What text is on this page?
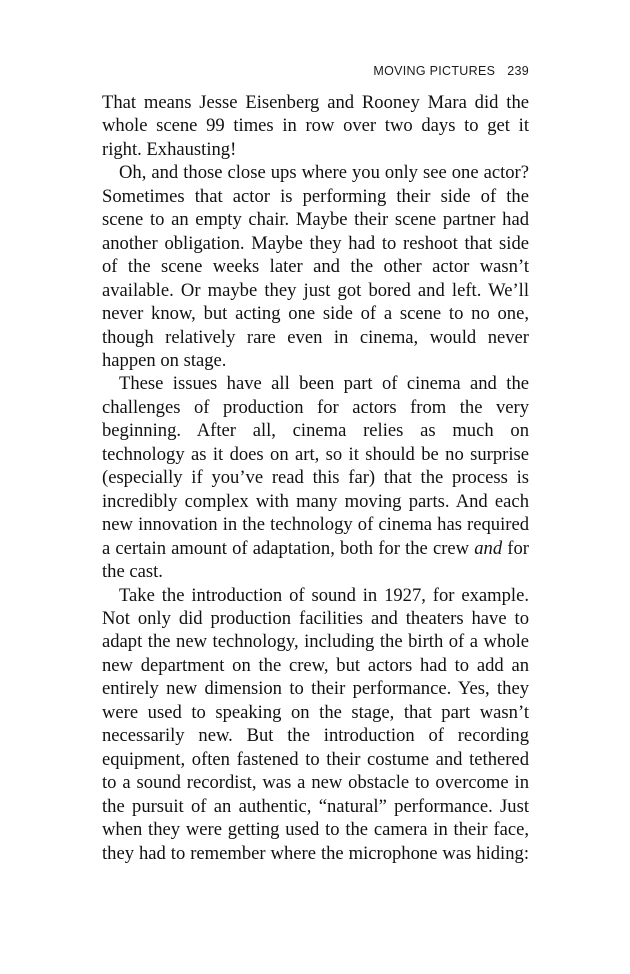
MOVING PICTURES 239

That means Jesse Eisenberg and Rooney Mara did the whole scene 99 times in row over two days to get it right. Exhausting!

Oh, and those close ups where you only see one actor? Sometimes that actor is performing their side of the scene to an empty chair. Maybe their scene partner had another obligation. Maybe they had to reshoot that side of the scene weeks later and the other actor wasn’t available. Or maybe they just got bored and left. We’ll never know, but acting one side of a scene to no one, though relatively rare even in cinema, would never happen on stage.

These issues have all been part of cinema and the challenges of production for actors from the very beginning. After all, cinema relies as much on technology as it does on art, so it should be no surprise (especially if you’ve read this far) that the process is incredibly complex with many moving parts. And each new innovation in the technology of cinema has required a certain amount of adaptation, both for the crew and for the cast.

Take the introduction of sound in 1927, for example. Not only did production facilities and theaters have to adapt the new technology, including the birth of a whole new department on the crew, but actors had to add an entirely new dimension to their performance. Yes, they were used to speaking on the stage, that part wasn’t necessarily new. But the introduction of recording equipment, often fastened to their costume and tethered to a sound recordist, was a new obstacle to overcome in the pursuit of an authentic, “natural” performance. Just when they were getting used to the camera in their face, they had to remember where the microphone was hiding:
